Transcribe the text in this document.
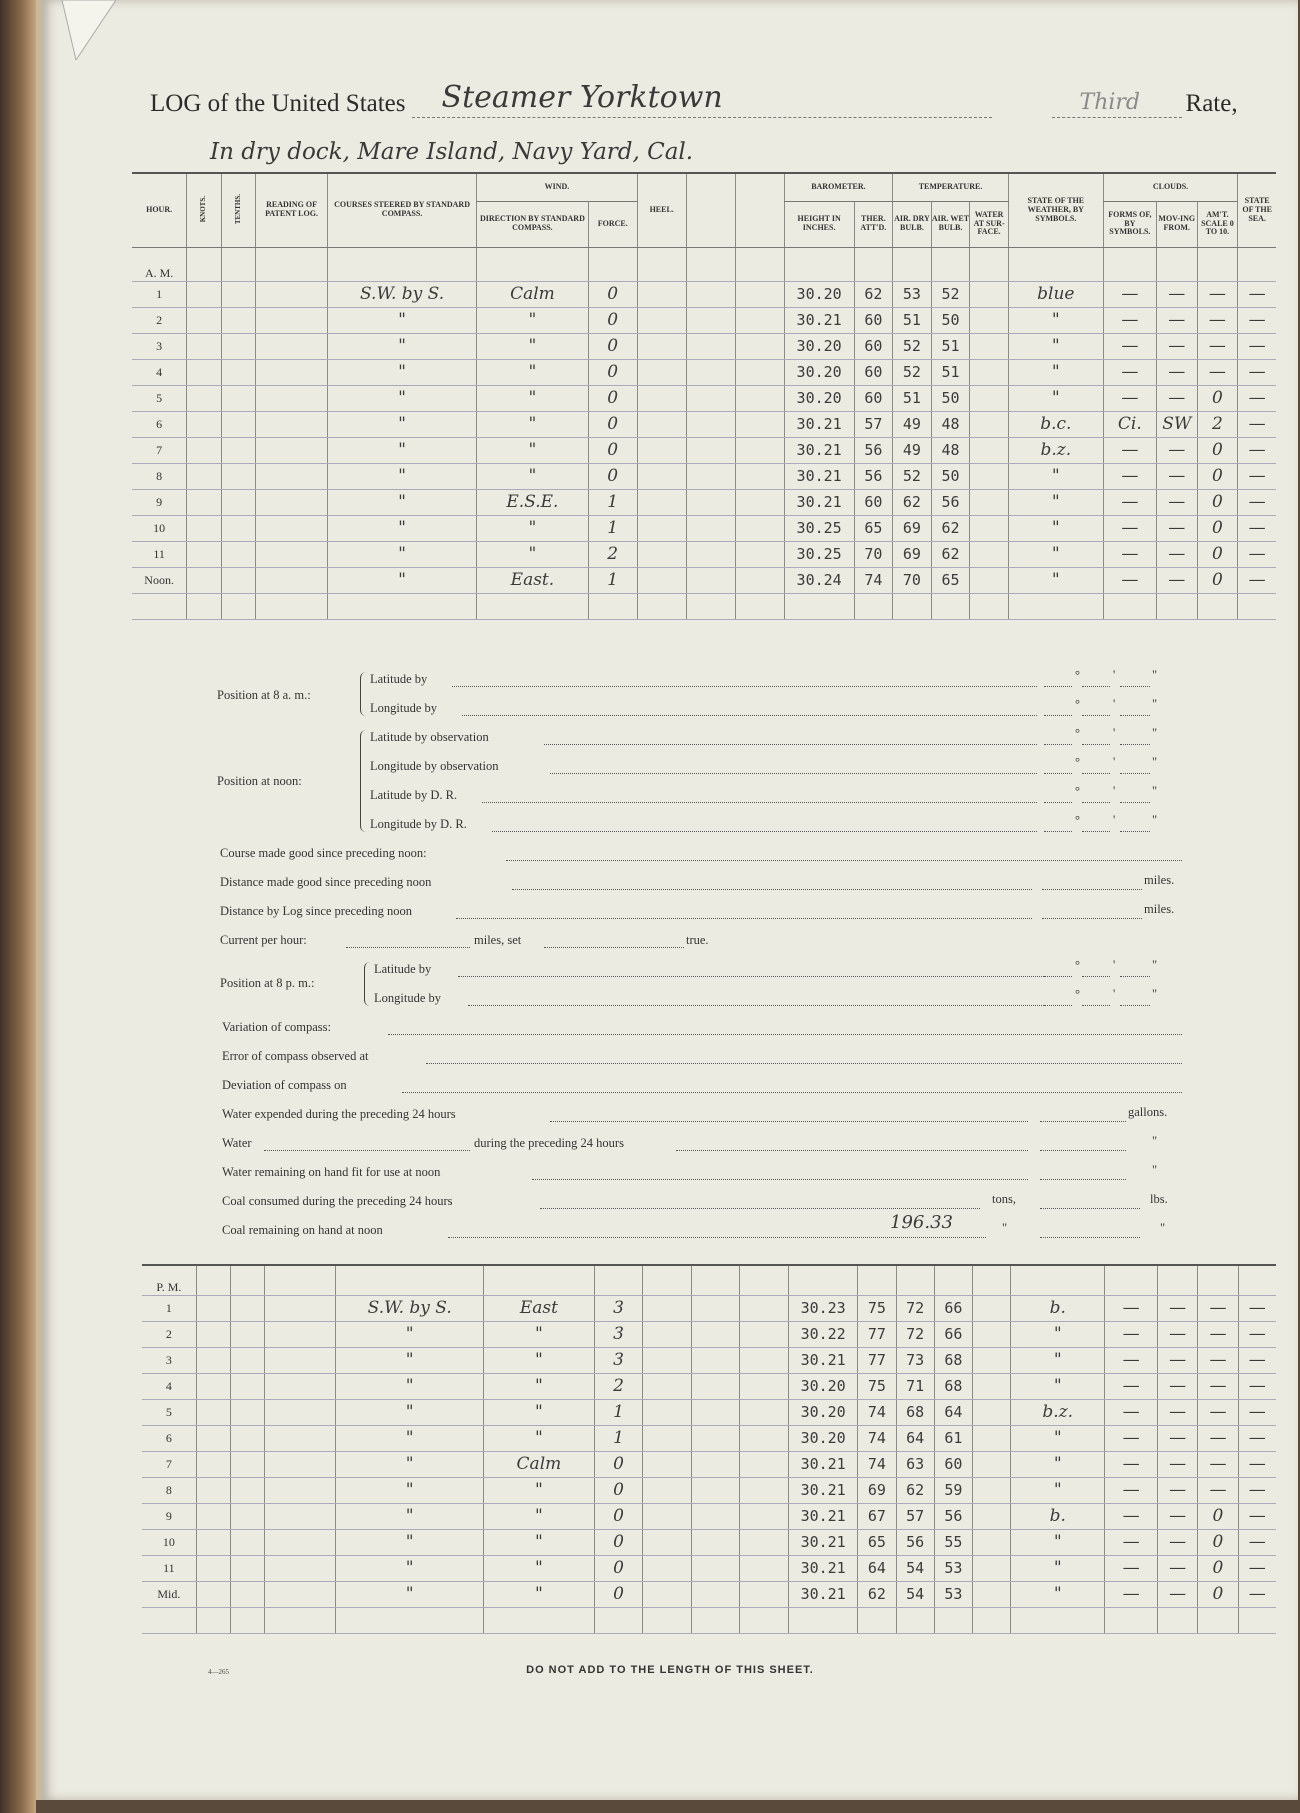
LOG of the United States Steamer Yorktown	Third Rate,
In dry dock, Mare Island, Navy Yard, Cal.
HOUR.	KNOTS.	TENTHS.	READING OF PATENT LOG.	COURSES STEERED BY STANDARD COMPASS.	WIND.		HEEL.			BAROMETER.		TEMPERATURE.			STATE OF THE WEATHER, BY SYMBOLS.	CLOUDS.			STATE OF THE SEA.
					DIRECTION BY STANDARD COMPASS.	FORCE.				HEIGHT IN INCHES.	THER. ATT'D.	AIR. DRY BULB.	AIR. WET BULB.	WATER AT SUR-FACE.		FORMS OF, BY SYMBOLS.	MOV-ING FROM.	AM'T. SCALE 0 TO 10.	
A. M.																			
1				S.W. by S.	Calm	0				30.20	62	53	52		blue	—	—	—	—
2				"	"	0				30.21	60	51	50		"	—	—	—	—
3				"	"	0				30.20	60	52	51		"	—	—	—	—
4				"	"	0				30.20	60	52	51		"	—	—	—	—
5				"	"	0				30.20	60	51	50		"	—	—	0	—
6				"	"	0				30.21	57	49	48		b.c.	Ci.	SW	2	—
7				"	"	0				30.21	56	49	48		b.z.	—	—	0	—
8				"	"	0				30.21	56	52	50		"	—	—	0	—
9				"	E.S.E.	1				30.21	60	62	56		"	—	—	0	—
10				"	"	1				30.25	65	69	62		"	—	—	0	—
11				"	"	2				30.25	70	69	62		"	—	—	0	—
Noon.				"	East.	1				30.24	74	70	65		"	—	—	0	—

Position at 8 a. m.:
Latitude by	°	'	"
Longitude by	°	'	"
Position at noon:
Latitude by observation	°	'	"
Longitude by observation	°	'	"
Latitude by D. R.	°	'	"
Longitude by D. R.	°	'	"
Course made good since preceding noon:
Distance made good since preceding noon	miles.
Distance by Log since preceding noon	miles.
Current per hour:	miles, set	true.
Position at 8 p. m.:
Latitude by	°	'	"
Longitude by	°	'	"
Variation of compass:
Error of compass observed at
Deviation of compass on
Water expended during the preceding 24 hours	gallons.
Water	during the preceding 24 hours	"
Water remaining on hand fit for use at noon	"
Coal consumed during the preceding 24 hours	tons,	lbs.
Coal remaining on hand at noon	196.33	"	"
P. M.																			
1				S.W. by S.	East	3				30.23	75	72	66		b.	—	—	—	—
2				"	"	3				30.22	77	72	66		"	—	—	—	—
3				"	"	3				30.21	77	73	68		"	—	—	—	—
4				"	"	2				30.20	75	71	68		"	—	—	—	—
5				"	"	1				30.20	74	68	64		b.z.	—	—	—	—
6				"	"	1				30.20	74	64	61		"	—	—	—	—
7				"	Calm	0				30.21	74	63	60		"	—	—	—	—
8				"	"	0				30.21	69	62	59		"	—	—	—	—
9				"	"	0				30.21	67	57	56		b.	—	—	0	—
10				"	"	0				30.21	65	56	55		"	—	—	0	—
11				"	"	0				30.21	64	54	53		"	—	—	0	—
Mid.				"	"	0				30.21	62	54	53		"	—	—	0	—

4—265	DO NOT ADD TO THE LENGTH OF THIS SHEET.
